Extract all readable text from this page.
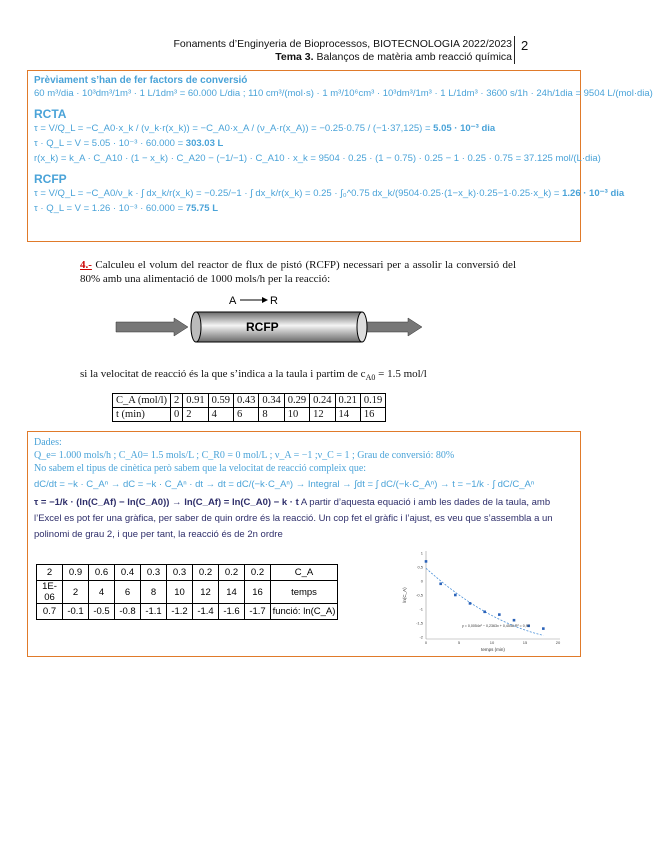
Fonaments d’Enginyeria de Bioprocessos, BIOTECNOLOGIA 2022/2023
Tema 3. Balanços de matèria amb reacció química
2
Prèviament s’han de fer factors de conversió
60 m³/dia · 10³dm³/1m³ · 1 L/1dm³ = 60.000 L/dia ; 110 cm³/(mol·s) · 1 m³/10⁶cm³ · 10³dm³/1m³ · 1 L/1dm³ · 3600 s/1h · 24h/1dia = 9504 L/(mol·dia)
RCTA
τ = V/Q_L = −C_A0·x_k / (ν_k·r(x_k)) = −C_A0·x_A / (ν_A·r(x_A)) = −0.25·0.75 / (−1·37,125) = 5.05 · 10⁻³ dia
τ · Q_L = V = 5.05 · 10⁻³ · 60.000 = 303.03 L
r(x_k) = k_A · C_A10 · (1 − x_k) · C_A20 − (−1/−1) · C_A10 · x_k = 9504 · 0.25 · (1 − 0.75) · 0.25 − 1 · 0.25 · 0.75 = 37.125 mol/(L·dia)
RCFP
τ = V/Q_L = −C_A0/ν_k · ∫ dx_k/r(x_k) = −0.25/−1 · ∫ dx_k/r(x_k) = 0.25 · ∫₀^0.75 dx_k/(9504·0.25·(1−x_k)·0.25−1·0.25·x_k) = 1.26 · 10⁻³ dia
τ · Q_L = V = 1.26 · 10⁻³ · 60.000 = 75.75 L
4.- Calculeu el volum del reactor de flux de pistó (RCFP) necessari per a assolir la conversió del 80% amb una alimentació de 1000 mols/h per la reacció:
A	R
RCFP
si la velocitat de reacció és la que s’indica a la taula i partim de $c_{A0} = 1.5$ mol/l
C_A (mol/l)	2	0.91	0.59	0.43	0.34	0.29	0.24	0.21	0.19
t (min)	0	2	4	6	8	10	12	14	16
Dades:
Q_e= 1.000 mols/h ; C_A0= 1.5 mols/L ; C_R0 = 0 mol/L ; ν_A = −1 ;ν_C = 1 ; Grau de conversió: 80%
No sabem el tipus de cinètica però sabem que la velocitat de reacció compleix que:
dC/dt = −k · C_Aⁿ → dC = −k · C_Aⁿ · dt → dt = dC/(−k·C_Aⁿ) → Integral → ∫dt = ∫ dC/(−k·C_Aⁿ) → t = −1/k · ∫ dC/C_Aⁿ
τ = −1/k · (ln(C_Af) − ln(C_A0)) → ln(C_Af) = ln(C_A0) − k · t A partir d’aquesta equació i amb les dades de la taula, amb l’Excel es pot fer una gràfica, per saber de quin ordre és la reacció. Un cop fet el gràfic i l’ajust, es veu que s’assembla a un polinomi de grau 2, i que per tant, la reacció és de 2n ordre
2	0.9	0.6	0.4	0.3	0.3	0.2	0.2	0.2	C_A
1E-06	2	4	6	8	10	12	14	16	temps
0.7	-0.1	-0.5	-0.8	-1.1	-1.2	-1.4	-1.6	-1.7	funció: ln(C_A)
1
0,5
0
-0,5
-1
-1,5
-2
0	5	10	15	20
y = 0,0054x² − 0,2363x + 0,4546 R² = 0,97
temps (min)
ln(C_A)
